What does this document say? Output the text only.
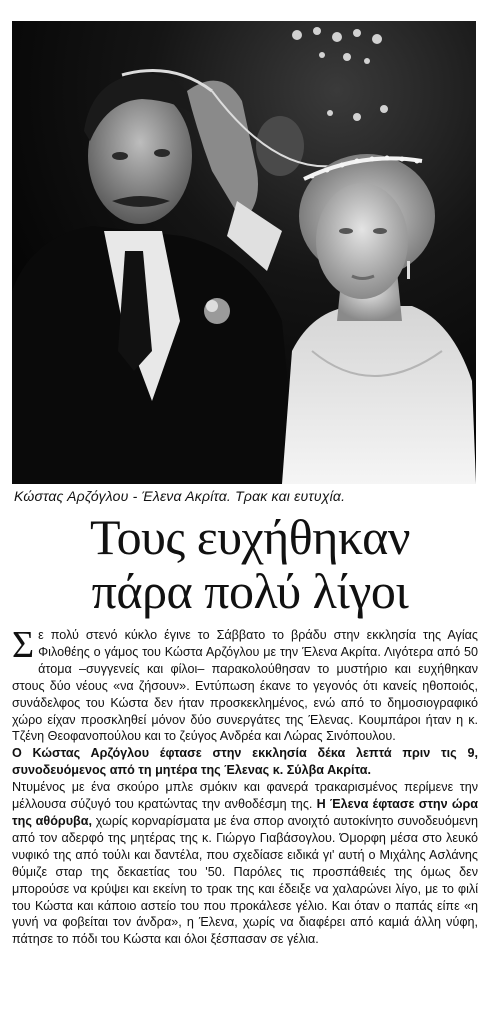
Κώστας Αρζόγλου - Έλενα Ακρίτα. Τρακ και ευτυχία.
Τους ευχήθηκαν
πάρα πολύ λίγοι

Σε πολύ στενό κύκλο έγινε το Σάββατο το βράδυ στην εκκλησία της Αγίας Φιλοθέης ο γάμος του Κώστα Αρζόγλου με την Έλενα Ακρίτα. Λιγότερα από 50 άτομα –συγγενείς και φίλοι– παρακολούθησαν το μυστήριο και ευχήθηκαν στους δύο νέους «να ζήσουν». Εντύπωση έκανε το γεγονός ότι κανείς ηθοποιός, συνάδελφος του Κώστα δεν ήταν προσκεκλημένος, ενώ από το δημοσιογραφικό χώρο είχαν προσκληθεί μόνον δύο συνεργάτες της Έλενας. Κουμπάροι ήταν η κ. Τζένη Θεοφανοπούλου και το ζεύγος Ανδρέα και Λώρας Σινόπουλου.

Ο Κώστας Αρζόγλου έφτασε στην εκκλησία δέκα λεπτά πριν τις 9, συνοδευόμενος από τη μητέρα της Έλενας κ. Σύλβα Ακρίτα.

Ντυμένος με ένα σκούρο μπλε σμόκιν και φανερά τρακαρισμένος περίμενε την μέλλουσα σύζυγό του κρατώντας την ανθοδέσμη της. Η Έλενα έφτασε στην ώρα της αθόρυβα, χωρίς κορναρίσματα με ένα σπορ ανοιχτό αυτοκίνητο συνοδευόμενη από τον αδερφό της μητέρας της κ. Γιώργο Γιαβάσογλου. Όμορφη μέσα στο λευκό νυφικό της από τούλι και δαντέλα, που σχεδίασε ειδικά γι' αυτή ο Μιχάλης Ασλάνης θύμιζε σταρ της δεκαετίας του '50. Παρόλες τις προσπάθειές της όμως δεν μπορούσε να κρύψει και εκείνη το τρακ της και έδειξε να χαλαρώνει λίγο, με το φιλί του Κώστα και κάποιο αστείο του που προκάλεσε γέλιο. Και όταν ο παπάς είπε «η γυνή να φοβείται τον άνδρα», η Έλενα, χωρίς να διαφέρει από καμιά άλλη νύφη, πάτησε το πόδι του Κώστα και όλοι ξέσπασαν σε γέλια.
